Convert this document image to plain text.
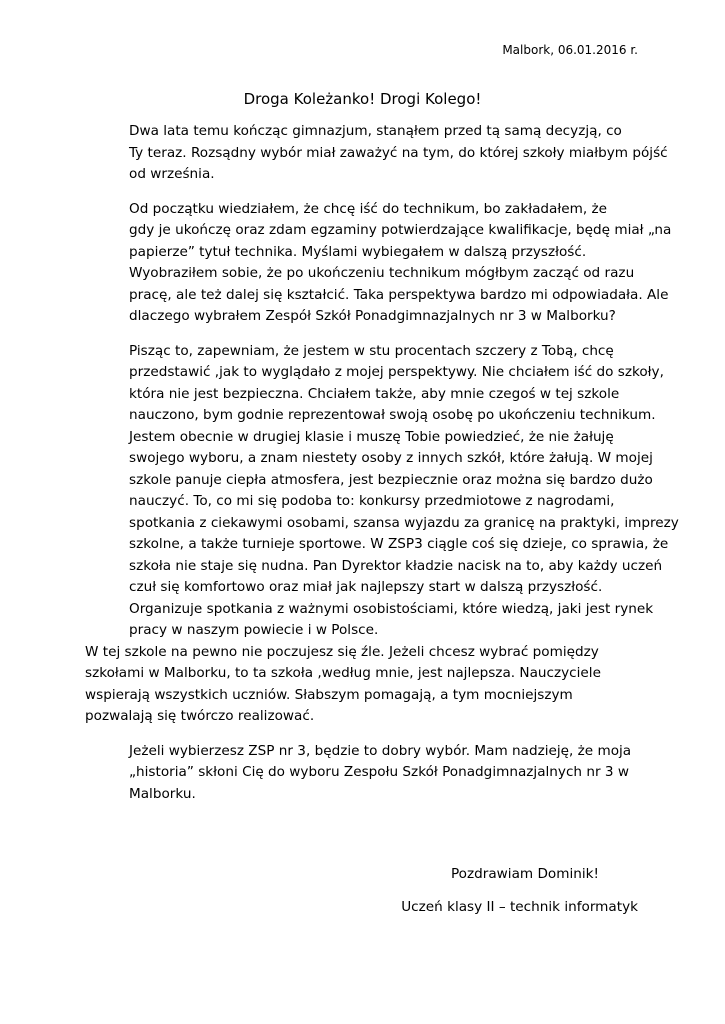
Malbork, 06.01.2016 r.
Droga Koleżanko! Drogi Kolego!

Dwa lata temu kończąc gimnazjum, stanąłem przed tą samą decyzją, co
Ty teraz. Rozsądny wybór miał zaważyć na tym, do której szkoły miałbym pójść
od września.

Od początku wiedziałem, że chcę iść do technikum, bo zakładałem, że
gdy je ukończę oraz zdam egzaminy potwierdzające kwalifikacje, będę miał „na
papierze” tytuł technika. Myślami wybiegałem w dalszą przyszłość.
Wyobraziłem sobie, że po ukończeniu technikum mógłbym zacząć od razu
pracę, ale też dalej się kształcić. Taka perspektywa bardzo mi odpowiadała. Ale
dlaczego wybrałem Zespół Szkół Ponadgimnazjalnych nr 3 w Malborku?

Pisząc to, zapewniam, że jestem w stu procentach szczery z Tobą, chcę
przedstawić ,jak to wyglądało z mojej perspektywy. Nie chciałem iść do szkoły,
która nie jest bezpieczna. Chciałem także, aby mnie czegoś w tej szkole
nauczono, bym godnie reprezentował swoją osobę po ukończeniu technikum.
Jestem obecnie w drugiej klasie i muszę Tobie powiedzieć, że nie żałuję
swojego wyboru, a znam niestety osoby z innych szkół, które żałują. W mojej
szkole panuje ciepła atmosfera, jest bezpiecznie oraz można się bardzo dużo
nauczyć. To, co mi się podoba to: konkursy przedmiotowe z nagrodami,
spotkania z ciekawymi osobami, szansa wyjazdu za granicę na praktyki, imprezy
szkolne, a także turnieje sportowe. W ZSP3 ciągle coś się dzieje, co sprawia, że
szkoła nie staje się nudna. Pan Dyrektor kładzie nacisk na to, aby każdy uczeń
czuł się komfortowo oraz miał jak najlepszy start w dalszą przyszłość.
Organizuje spotkania z ważnymi osobistościami, które wiedzą, jaki jest rynek
pracy w naszym powiecie i w Polsce.

W tej szkole na pewno nie poczujesz się źle. Jeżeli chcesz wybrać pomiędzy
szkołami w Malborku, to ta szkoła ,według mnie, jest najlepsza. Nauczyciele
wspierają wszystkich uczniów. Słabszym pomagają, a tym mocniejszym
pozwalają się twórczo realizować.

Jeżeli wybierzesz ZSP nr 3, będzie to dobry wybór. Mam nadzieję, że moja
„historia” skłoni Cię do wyboru Zespołu Szkół Ponadgimnazjalnych nr 3 w
Malborku.

Pozdrawiam Dominik!
Uczeń klasy II – technik informatyk
